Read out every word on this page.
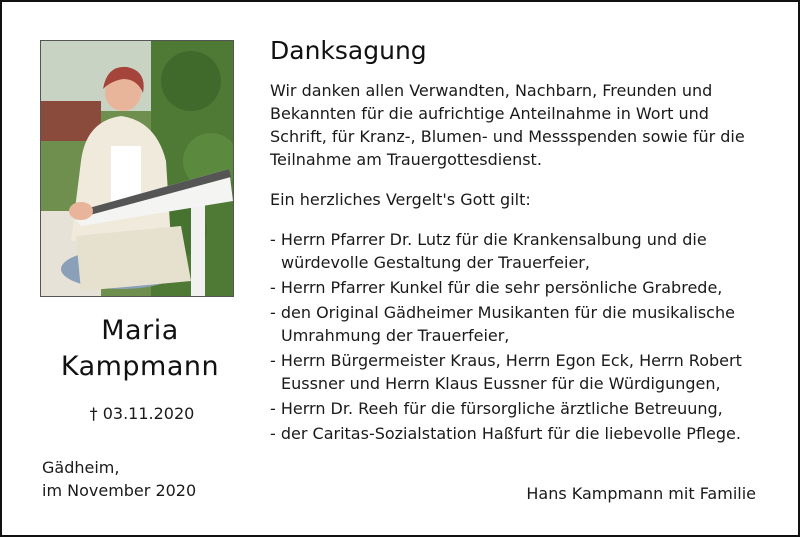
Maria
Kampmann
† 03.11.2020
Gädheim,
im November 2020
Danksagung
Wir danken allen Verwandten, Nachbarn, Freunden und Bekannten für die aufrichtige Anteilnahme in Wort und Schrift, für Kranz-, Blumen- und Messspenden sowie für die Teilnahme am Trauergottesdienst.
Ein herzliches Vergelt's Gott gilt:
- Herrn Pfarrer Dr. Lutz für die Krankensalbung und die würdevolle Gestaltung der Trauerfeier,
- Herrn Pfarrer Kunkel für die sehr persönliche Grabrede,
- den Original Gädheimer Musikanten für die musikalische Umrahmung der Trauerfeier,
- Herrn Bürgermeister Kraus, Herrn Egon Eck, Herrn Robert Eussner und Herrn Klaus Eussner für die Würdigungen,
- Herrn Dr. Reeh für die fürsorgliche ärztliche Betreuung,
- der Caritas-Sozialstation Haßfurt für die liebevolle Pflege.
Hans Kampmann mit Familie
